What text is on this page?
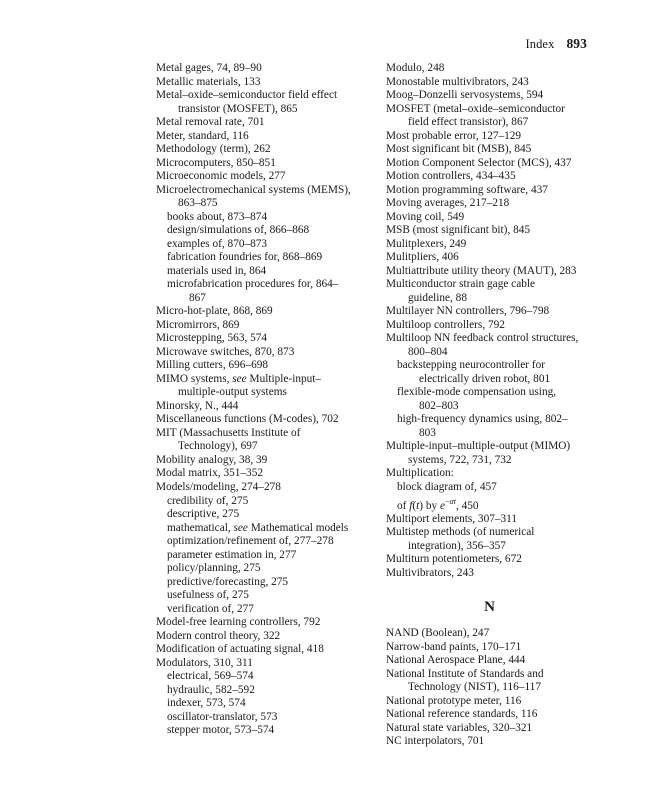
Index 893
Metal gages, 74, 89–90
Metallic materials, 133
Metal–oxide–semiconductor field effect
transistor (MOSFET), 865
Metal removal rate, 701
Meter, standard, 116
Methodology (term), 262
Microcomputers, 850–851
Microeconomic models, 277
Microelectromechanical systems (MEMS),
863–875
books about, 873–874
design/simulations of, 866–868
examples of, 870–873
fabrication foundries for, 868–869
materials used in, 864
microfabrication procedures for, 864–
867
Micro-hot-plate, 868, 869
Micromirrors, 869
Microstepping, 563, 574
Microwave switches, 870, 873
Milling cutters, 696–698
MIMO systems, see Multiple-input–
multiple-output systems
Minorsky, N., 444
Miscellaneous functions (M-codes), 702
MIT (Massachusetts Institute of
Technology), 697
Mobility analogy, 38, 39
Modal matrix, 351–352
Models/modeling, 274–278
credibility of, 275
descriptive, 275
mathematical, see Mathematical models
optimization/refinement of, 277–278
parameter estimation in, 277
policy/planning, 275
predictive/forecasting, 275
usefulness of, 275
verification of, 277
Model-free learning controllers, 792
Modern control theory, 322
Modification of actuating signal, 418
Modulators, 310, 311
electrical, 569–574
hydraulic, 582–592
indexer, 573, 574
oscillator-translator, 573
stepper motor, 573–574
Modulo, 248
Monostable multivibrators, 243
Moog–Donzelli servosystems, 594
MOSFET (metal–oxide–semiconductor
field effect transistor), 867
Most probable error, 127–129
Most significant bit (MSB), 845
Motion Component Selector (MCS), 437
Motion controllers, 434–435
Motion programming software, 437
Moving averages, 217–218
Moving coil, 549
MSB (most significant bit), 845
Mulitplexers, 249
Mulitpliers, 406
Multiattribute utility theory (MAUT), 283
Multiconductor strain gage cable
guideline, 88
Multilayer NN controllers, 796–798
Multiloop controllers, 792
Multiloop NN feedback control structures,
800–804
backstepping neurocontroller for
electrically driven robot, 801
flexible-mode compensation using,
802–803
high-frequency dynamics using, 802–
803
Multiple-input–multiple-output (MIMO)
systems, 722, 731, 732
Multiplication:
block diagram of, 457
of f(t) by $e^{-\alpha t}$, 450
Multiport elements, 307–311
Multistep methods (of numerical
integration), 356–357
Multiturn potentiometers, 672
Multivibrators, 243
N
NAND (Boolean), 247
Narrow-band paints, 170–171
National Aerospace Plane, 444
National Institute of Standards and
Technology (NIST), 116–117
National prototype meter, 116
National reference standards, 116
Natural state variables, 320–321
NC interpolators, 701
